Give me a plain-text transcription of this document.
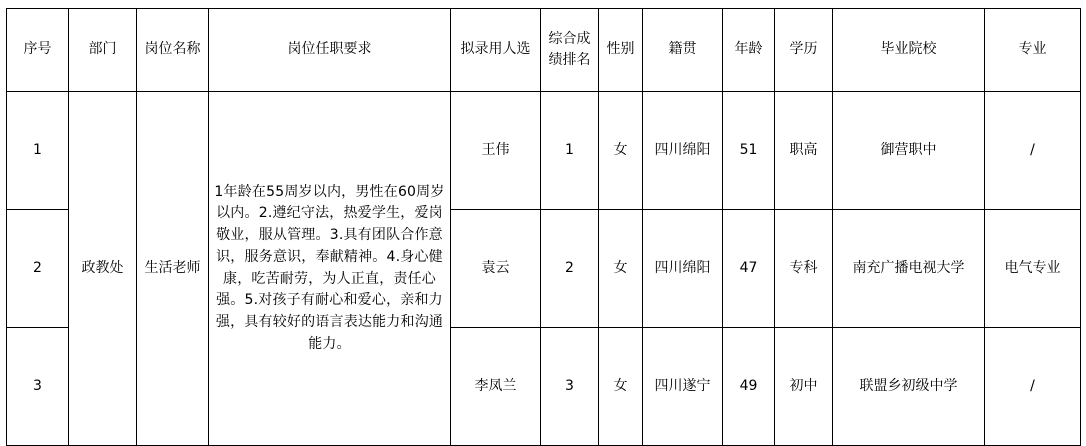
序号	部门	岗位名称	岗位任职要求	拟录用人选	综合成绩排名	性别	籍贯	年龄	学历	毕业院校	专业
1	政教处	生活老师	1年龄在55周岁以内，男性在60周岁以内。2.遵纪守法，热爱学生，爱岗敬业，服从管理。3.具有团队合作意识，服务意识，奉献精神。4.身心健康，吃苦耐劳，为人正直，责任心强。5.对孩子有耐心和爱心，亲和力强，具有较好的语言表达能力和沟通能力。	王伟	1	女	四川绵阳	51	职高	御营职中	/
2				袁云	2	女	四川绵阳	47	专科	南充广播电视大学	电气专业
3				李凤兰	3	女	四川遂宁	49	初中	联盟乡初级中学	/
